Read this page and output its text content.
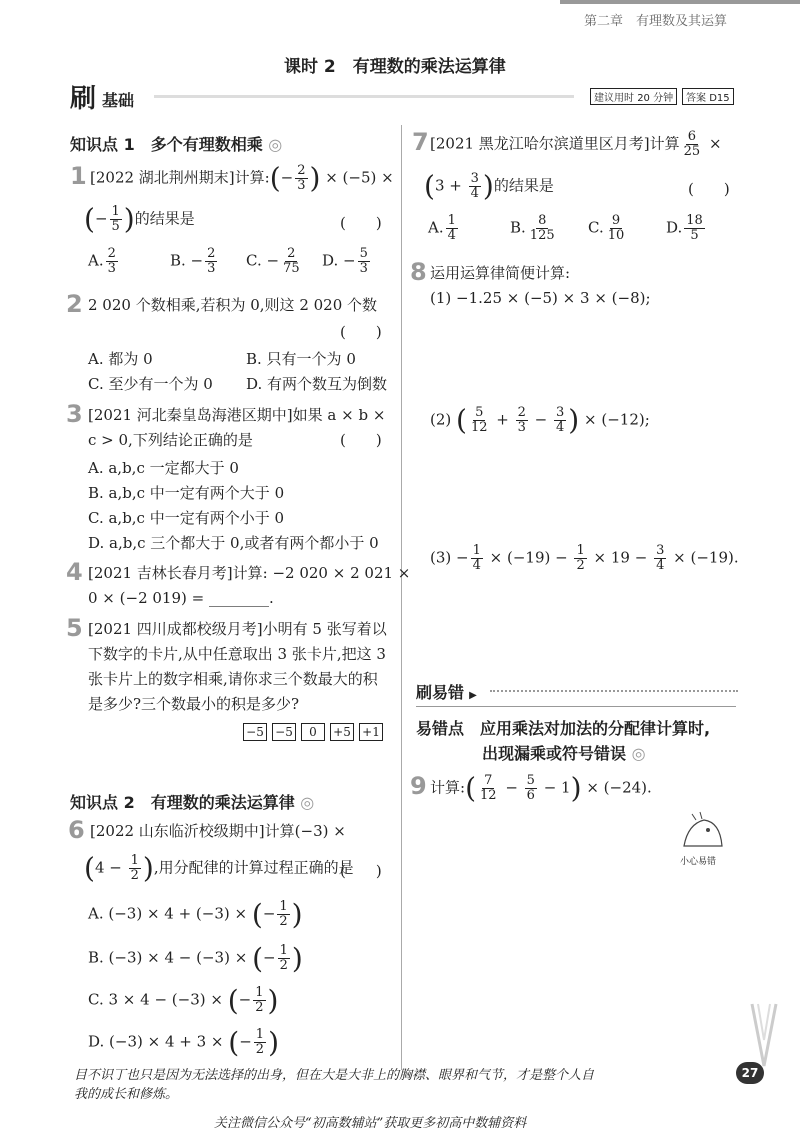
第二章　有理数及其运算
课时 2　有理数的乘法运算律
刷 基础	建议用时 20 分钟	答案 D15
知识点 1　多个有理数相乘 ◎
1 [2022 湖北荆州期末]计算:(− $\frac{2}{3}$ ) × (−5) ×
(− $\frac{1}{5}$ )的结果是	(　　)
A. $\frac{2}{3}$	B. − $\frac{2}{3} C$. − $\frac{2}{75} D$. − $\frac{5}{3}$
2 2 020 个数相乘,若积为 0,则这 2 020 个数
(　　)
A. 都为 0	B. 只有一个为 0
C. 至少有一个为 0 D. 有两个数互为倒数
3 [2021 河北秦皇岛海港区期中]如果 a × b ×
c > 0,下列结论正确的是	(　　)
A. a,b,c 一定都大于 0
B. a,b,c 中一定有两个大于 0
C. a,b,c 中一定有两个小于 0
D. a,b,c 三个都大于 0,或者有两个都小于 0
4 [2021 吉林长春月考]计算: −2 020 × 2 021 ×
0 × (−2 019) = ________.
5 [2021 四川成都校级月考]小明有 5 张写着以
下数字的卡片,从中任意取出 3 张卡片,把这 3
张卡片上的数字相乘,请你求三个数最大的积
是多少?三个数最小的积是多少?
−5 −5 0 +5 +1
知识点 2　有理数的乘法运算律 ◎
6 [2022 山东临沂校级期中]计算(−3) ×
($4 - \frac{1}{2}$ ),用分配律的计算过程正确的是
(　　)
A. (−3) × 4 + (−3) × (− $\frac{1}{2}$ )
B. (−3) × 4 − (−3) × (− $\frac{1}{2}$ )
C. 3 × 4 − (−3) × (− $\frac{1}{2}$ )
D. (−3) × 4 + 3 × (− $\frac{1}{2}$ )
7 [2021 黑龙江哈尔滨道里区月考]计算 $\frac{6}{25}$ ×
($3 + \frac{3}{4}$ )的结果是	(　　)
A. $\frac{1}{4}$	B. $\frac{8}{125} C$. $\frac{9}{10}$	D. $\frac{18}{5}$
8 运用运算律简便计算:
(1) −1.25 × (−5) × 3 × (−8);
(2) ( $\frac{5}{12} + \frac{2}{3} - \frac{3}{4}$ ) × (−12);
$(3) - \frac{1}{4} \times (-19) - \frac{1}{2} \times 19 - \frac{3}{4} \times (-19)$.
刷易错 ▶
易错点　应用乘法对加法的分配律计算时,
出现漏乘或符号错误 ◎
9 计算:( $\frac{7}{12} - \frac{5}{6} - 1) \times (-24)$.
小心易错
目不识丁也只是因为无法选择的出身，但在大是大非上的胸襟、眼界和气节，才是整个人自
我的成长和修炼。
27
关注微信公众号“初高数辅站”获取更多初高中数辅资料
